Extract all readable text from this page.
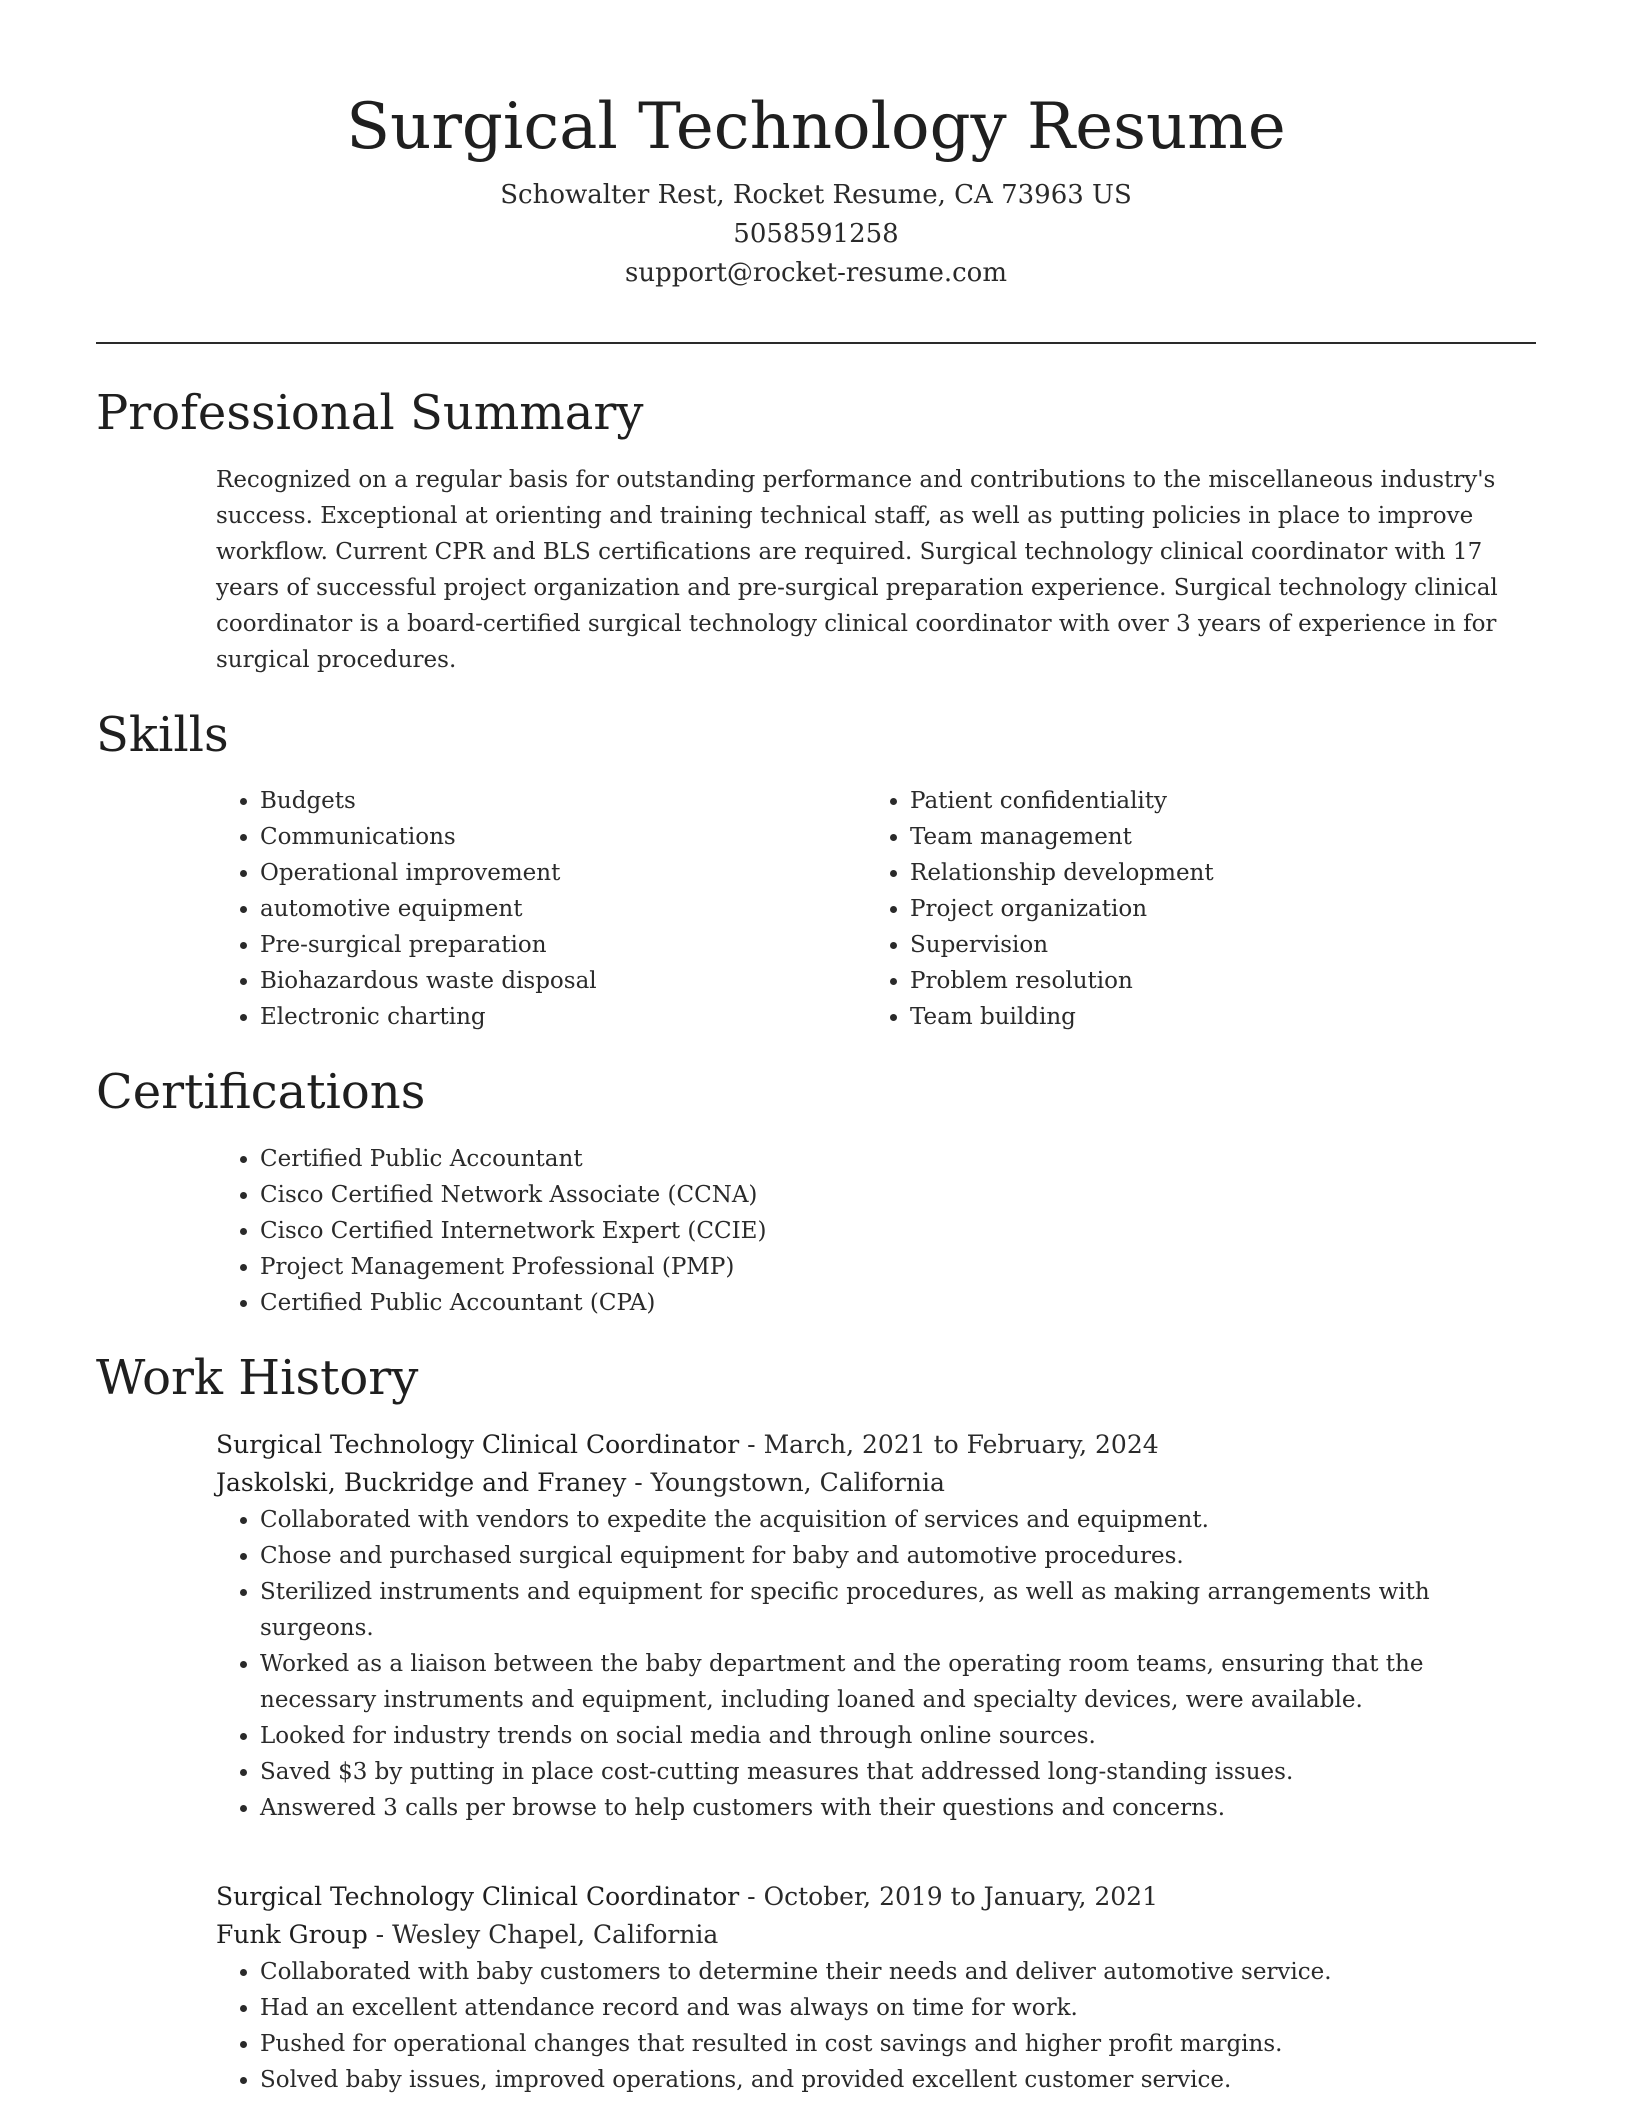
Surgical Technology Resume
Schowalter Rest, Rocket Resume, CA 73963 US
5058591258
support@rocket-resume.com
Professional Summary

Recognized on a regular basis for outstanding performance and contributions to the miscellaneous industry's success. Exceptional at orienting and training technical staff, as well as putting policies in place to improve workflow. Current CPR and BLS certifications are required. Surgical technology clinical coordinator with 17 years of successful project organization and pre-surgical preparation experience. Surgical technology clinical coordinator is a board-certified surgical technology clinical coordinator with over 3 years of experience in for surgical procedures.

Skills
• Budgets
• Communications
• Operational improvement
• automotive equipment
• Pre-surgical preparation
• Biohazardous waste disposal
• Electronic charting
• Patient confidentiality
• Team management
• Relationship development
• Project organization
• Supervision
• Problem resolution
• Team building
Certifications
• Certified Public Accountant
• Cisco Certified Network Associate (CCNA)
• Cisco Certified Internetwork Expert (CCIE)
• Project Management Professional (PMP)
• Certified Public Accountant (CPA)
Work History
Surgical Technology Clinical Coordinator - March, 2021 to February, 2024
Jaskolski, Buckridge and Franey - Youngstown, California
• Collaborated with vendors to expedite the acquisition of services and equipment.
• Chose and purchased surgical equipment for baby and automotive procedures.
• Sterilized instruments and equipment for specific procedures, as well as making arrangements with surgeons.
• Worked as a liaison between the baby department and the operating room teams, ensuring that the necessary instruments and equipment, including loaned and specialty devices, were available.
• Looked for industry trends on social media and through online sources.
• Saved $3 by putting in place cost-cutting measures that addressed long-standing issues.
• Answered 3 calls per browse to help customers with their questions and concerns.
Surgical Technology Clinical Coordinator - October, 2019 to January, 2021
Funk Group - Wesley Chapel, California
• Collaborated with baby customers to determine their needs and deliver automotive service.
• Had an excellent attendance record and was always on time for work.
• Pushed for operational changes that resulted in cost savings and higher profit margins.
• Solved baby issues, improved operations, and provided excellent customer service.
